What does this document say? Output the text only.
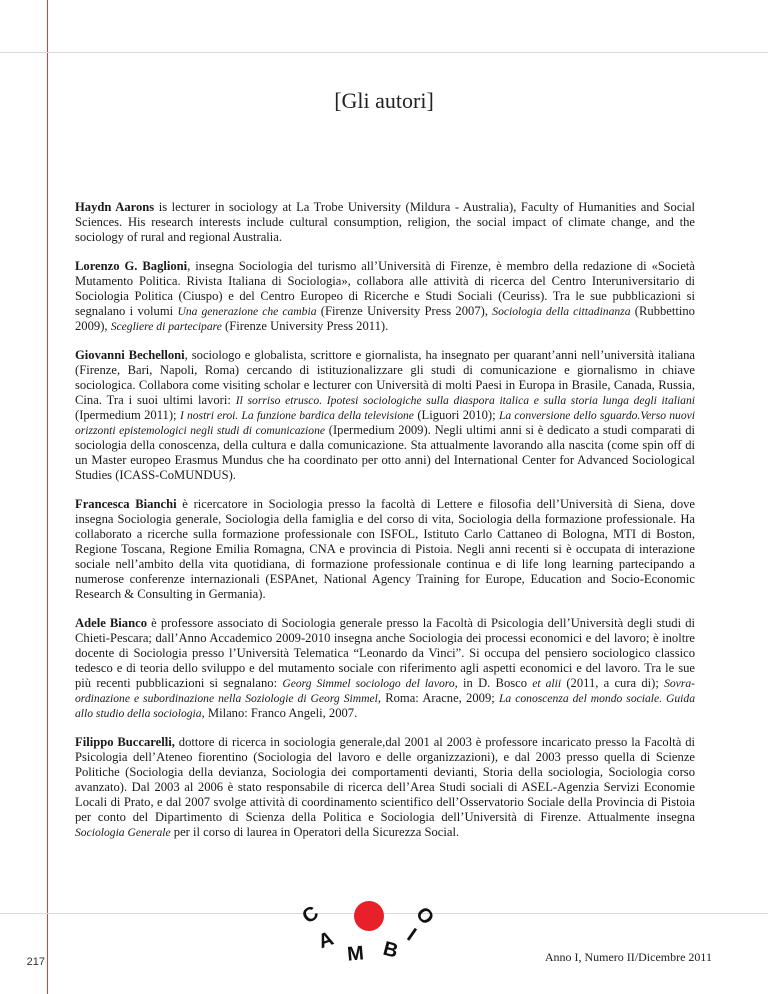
[Gli autori]

Haydn Aarons is lecturer in sociology at La Trobe University (Mildura - Australia), Faculty of Humanities and Social Sciences. His research interests include cultural consumption, religion, the social impact of climate change, and the sociology of rural and regional Australia.

Lorenzo G. Baglioni, insegna Sociologia del turismo all’Università di Firenze, è membro della redazione di «Società Mutamento Politica. Rivista Italiana di Sociologia», collabora alle attività di ricerca del Centro Interuniversitario di Sociologia Politica (Ciuspo) e del Centro Europeo di Ricerche e Studi Sociali (Ceuriss). Tra le sue pubblicazioni si segnalano i volumi Una generazione che cambia (Firenze University Press 2007), Sociologia della cittadinanza (Rubbettino 2009), Scegliere di partecipare (Firenze University Press 2011).

Giovanni Bechelloni, sociologo e globalista, scrittore e giornalista, ha insegnato per quarant’anni nell’università italiana (Firenze, Bari, Napoli, Roma) cercando di istituzionalizzare gli studi di comunicazione e giornalismo in chiave sociologica. Collabora come visiting scholar e lecturer con Università di molti Paesi in Europa in Brasile, Canada, Russia, Cina. Tra i suoi ultimi lavori: Il sorriso etrusco. Ipotesi sociologiche sulla diaspora italica e sulla storia lunga degli italiani (Ipermedium 2011); I nostri eroi. La funzione bardica della televisione (Liguori 2010); La conversione dello sguardo.Verso nuovi orizzonti epistemologici negli studi di comunicazione (Ipermedium 2009). Negli ultimi anni si è dedicato a studi comparati di sociologia della conoscenza, della cultura e dalla comunicazione. Sta attualmente lavorando alla nascita (come spin off di un Master europeo Erasmus Mundus che ha coordinato per otto anni) del International Center for Advanced Sociological Studies (ICASS-CoMUNDUS).

Francesca Bianchi è ricercatore in Sociologia presso la facoltà di Lettere e filosofia dell’Università di Siena, dove insegna Sociologia generale, Sociologia della famiglia e del corso di vita, Sociologia della formazione professionale. Ha collaborato a ricerche sulla formazione professionale con ISFOL, Istituto Carlo Cattaneo di Bologna, MTI di Boston, Regione Toscana, Regione Emilia Romagna, CNA e provincia di Pistoia. Negli anni recenti si è occupata di interazione sociale nell’ambito della vita quotidiana, di formazione professionale continua e di life long learning partecipando a numerose conferenze internazionali (ESPAnet, National Agency Training for Europe, Education and Socio-Economic Research & Consulting in Germania).

Adele Bianco è professore associato di Sociologia generale presso la Facoltà di Psicologia dell’Università degli studi di Chieti-Pescara; dall’Anno Accademico 2009-2010 insegna anche Sociologia dei processi economici e del lavoro; è inoltre docente di Sociologia presso l’Università Telematica “Leonardo da Vinci”. Si occupa del pensiero sociologico classico tedesco e di teoria dello sviluppo e del mutamento sociale con riferimento agli aspetti economici e del lavoro. Tra le sue più recenti pubblicazioni si segnalano: Georg Simmel sociologo del lavoro, in D. Bosco et alii (2011, a cura di); Sovra-ordinazione e subordinazione nella Soziologie di Georg Simmel, Roma: Aracne, 2009; La conoscenza del mondo sociale. Guida allo studio della sociologia, Milano: Franco Angeli, 2007.

Filippo Buccarelli, dottore di ricerca in sociologia generale,dal 2001 al 2003 è professore incaricato presso la Facoltà di Psicologia dell’Ateneo fiorentino (Sociologia del lavoro e delle organizzazioni), e dal 2003 presso quella di Scienze Politiche (Sociologia della devianza, Sociologia dei comportamenti devianti, Storia della sociologia, Sociologia corso avanzato). Dal 2003 al 2006 è stato responsabile di ricerca dell’Area Studi sociali di ASEL-Agenzia Servizi Economie Locali di Prato, e dal 2007 svolge attività di coordinamento scientifico dell’Osservatorio Sociale della Provincia di Pistoia per conto del Dipartimento di Scienza della Politica e Sociologia dell’Università di Firenze. Attualmente insegna Sociologia Generale per il corso di laurea in Operatori della Sicurezza Social.

217
C
A
M B
I
O
Anno I, Numero II/Dicembre 2011
